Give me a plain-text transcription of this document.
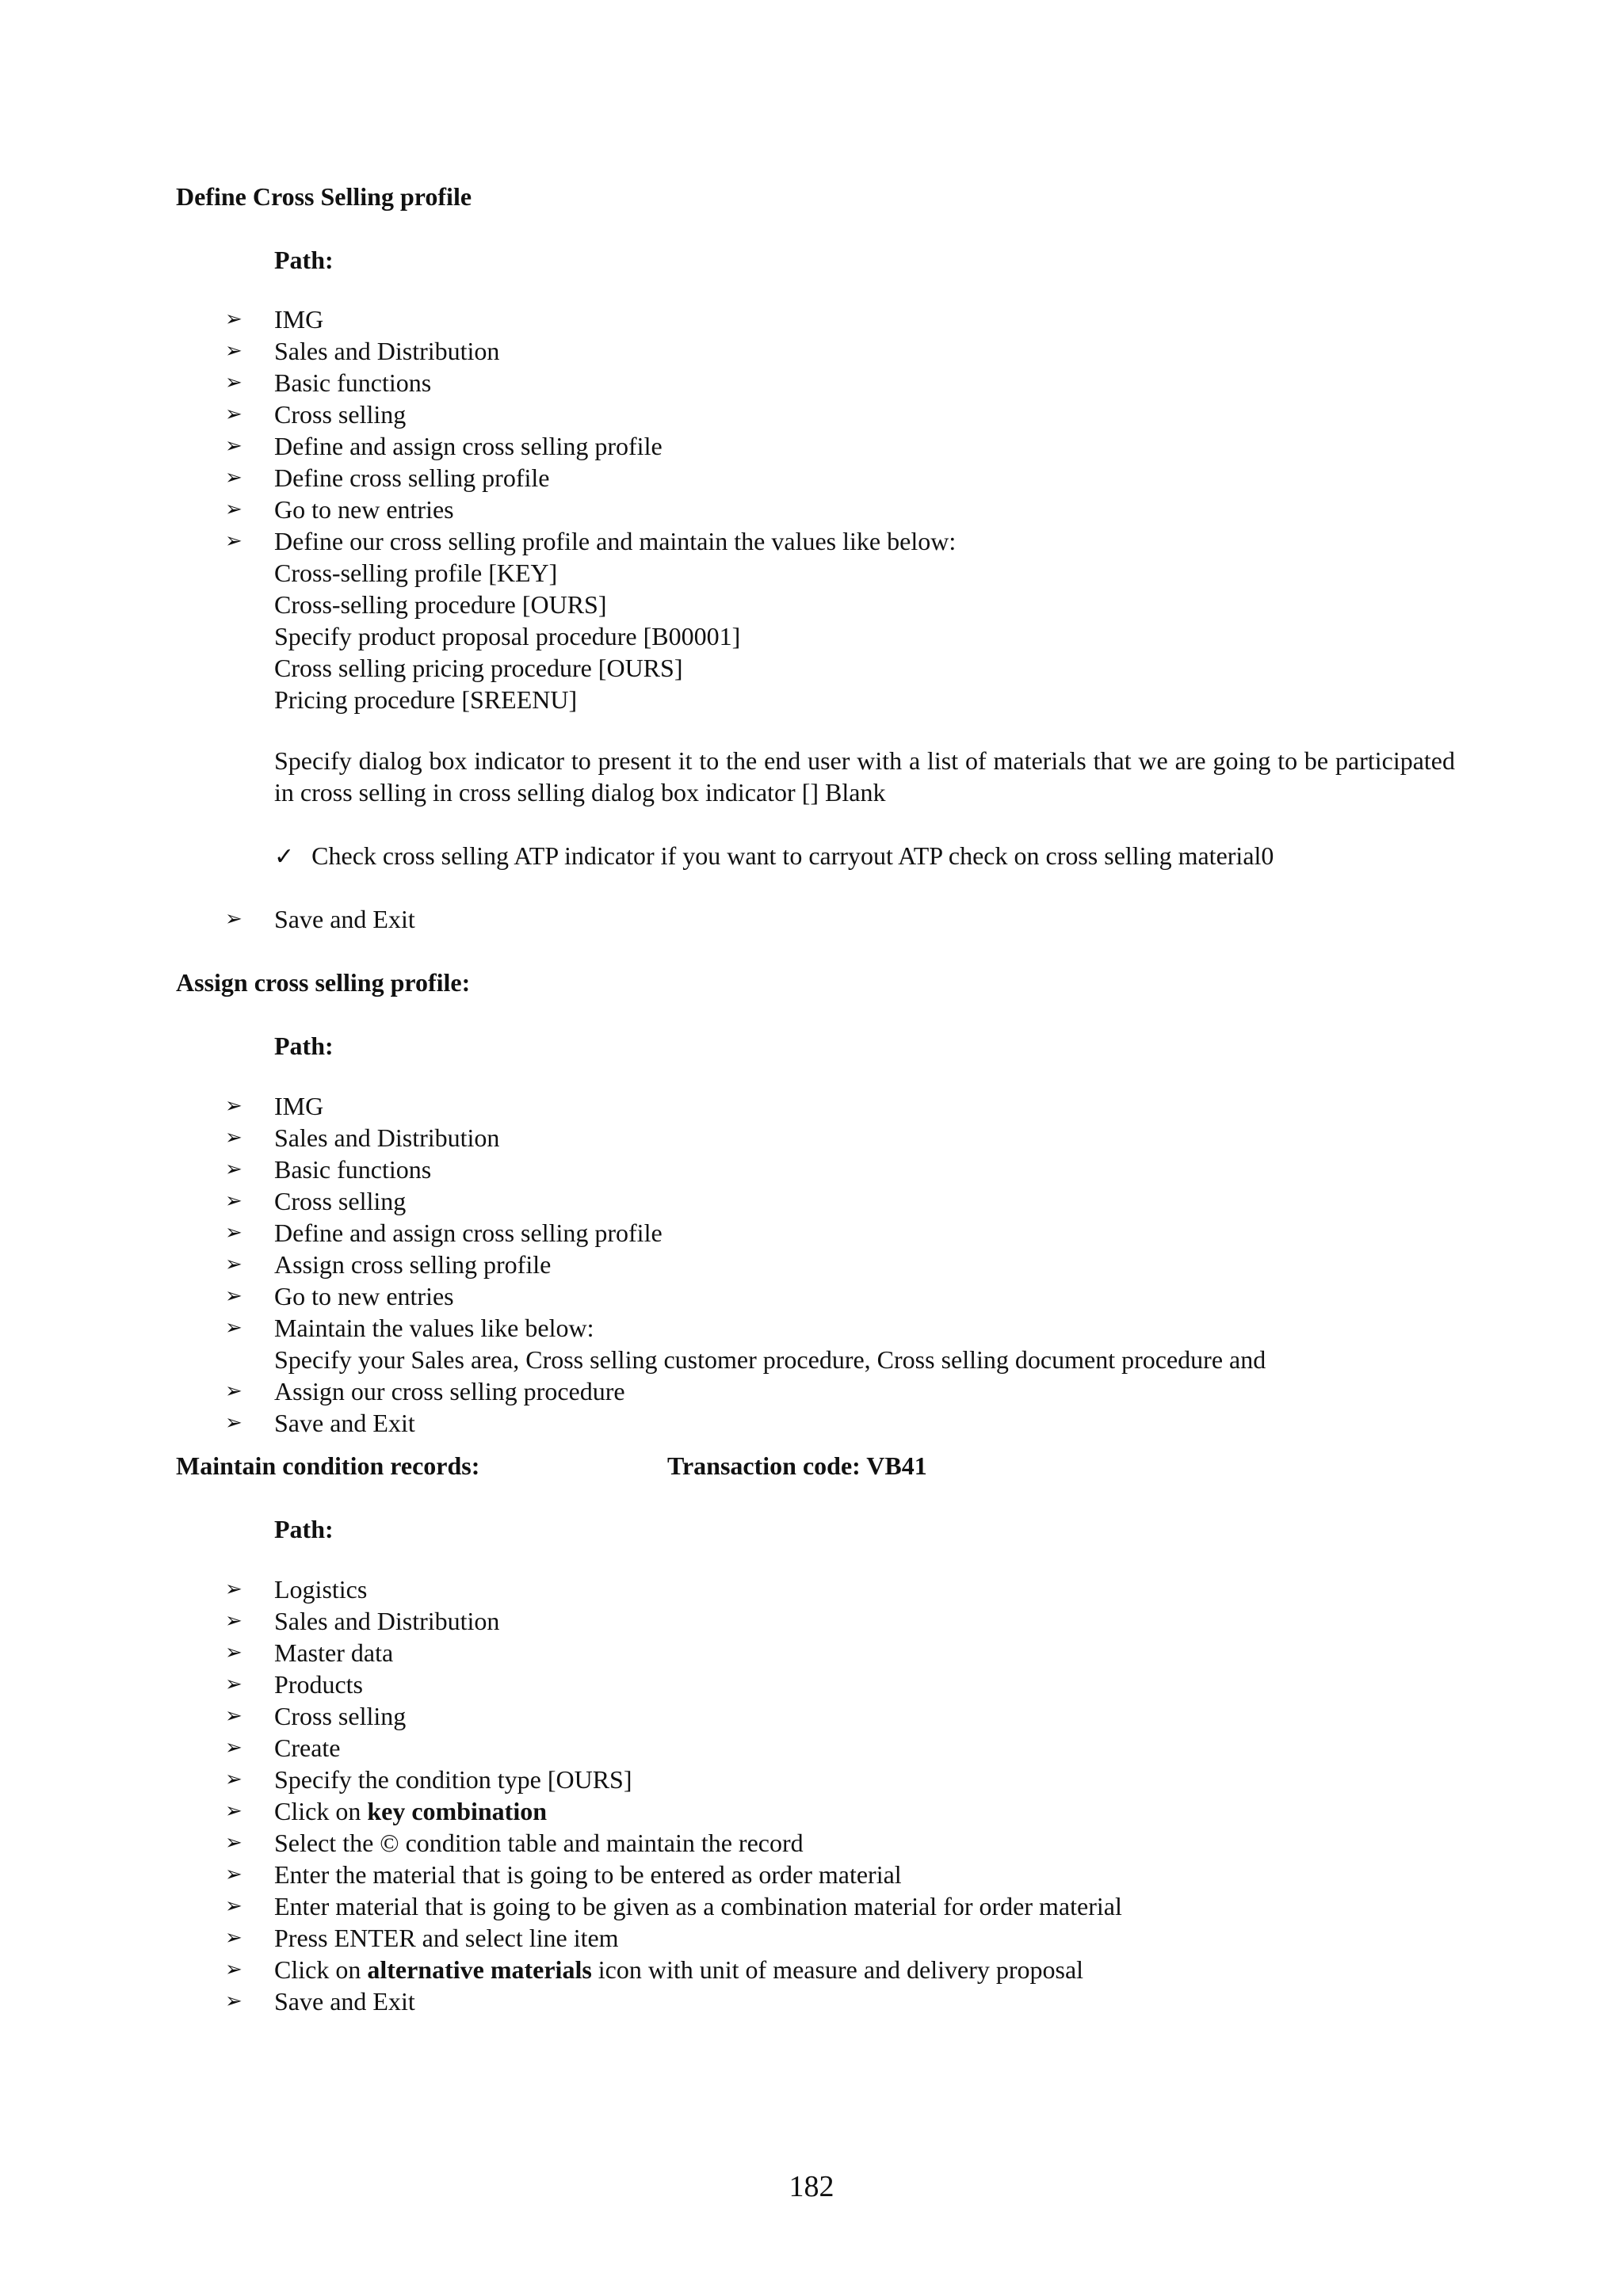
Define Cross Selling profile
Path:
➢ IMG
➢ Sales and Distribution
➢ Basic functions
➢ Cross selling
➢ Define and assign cross selling profile
➢ Define cross selling profile
➢ Go to new entries
➢ Define our cross selling profile and maintain the values like below:
Cross-selling profile [KEY]
Cross-selling procedure [OURS]
Specify product proposal procedure [B00001]
Cross selling pricing procedure [OURS]
Pricing procedure [SREENU]
Specify dialog box indicator to present it to the end user with a list of materials that we are going to be participated in cross selling in cross selling dialog box indicator [] Blank
✓ Check cross selling ATP indicator if you want to carryout ATP check on cross selling material0
➢ Save and Exit
Assign cross selling profile:
Path:
➢ IMG
➢ Sales and Distribution
➢ Basic functions
➢ Cross selling
➢ Define and assign cross selling profile
➢ Assign cross selling profile
➢ Go to new entries
➢ Maintain the values like below:
Specify your Sales area, Cross selling customer procedure, Cross selling document procedure and
➢ Assign our cross selling procedure
➢ Save and Exit
Maintain condition records:	Transaction code: VB41
Path:
➢ Logistics
➢ Sales and Distribution
➢ Master data
➢ Products
➢ Cross selling
➢ Create
➢ Specify the condition type [OURS]
➢ Click on key combination
➢ Select the © condition table and maintain the record
➢ Enter the material that is going to be entered as order material
➢ Enter material that is going to be given as a combination material for order material
➢ Press ENTER and select line item
➢ Click on alternative materials icon with unit of measure and delivery proposal
➢ Save and Exit
182
